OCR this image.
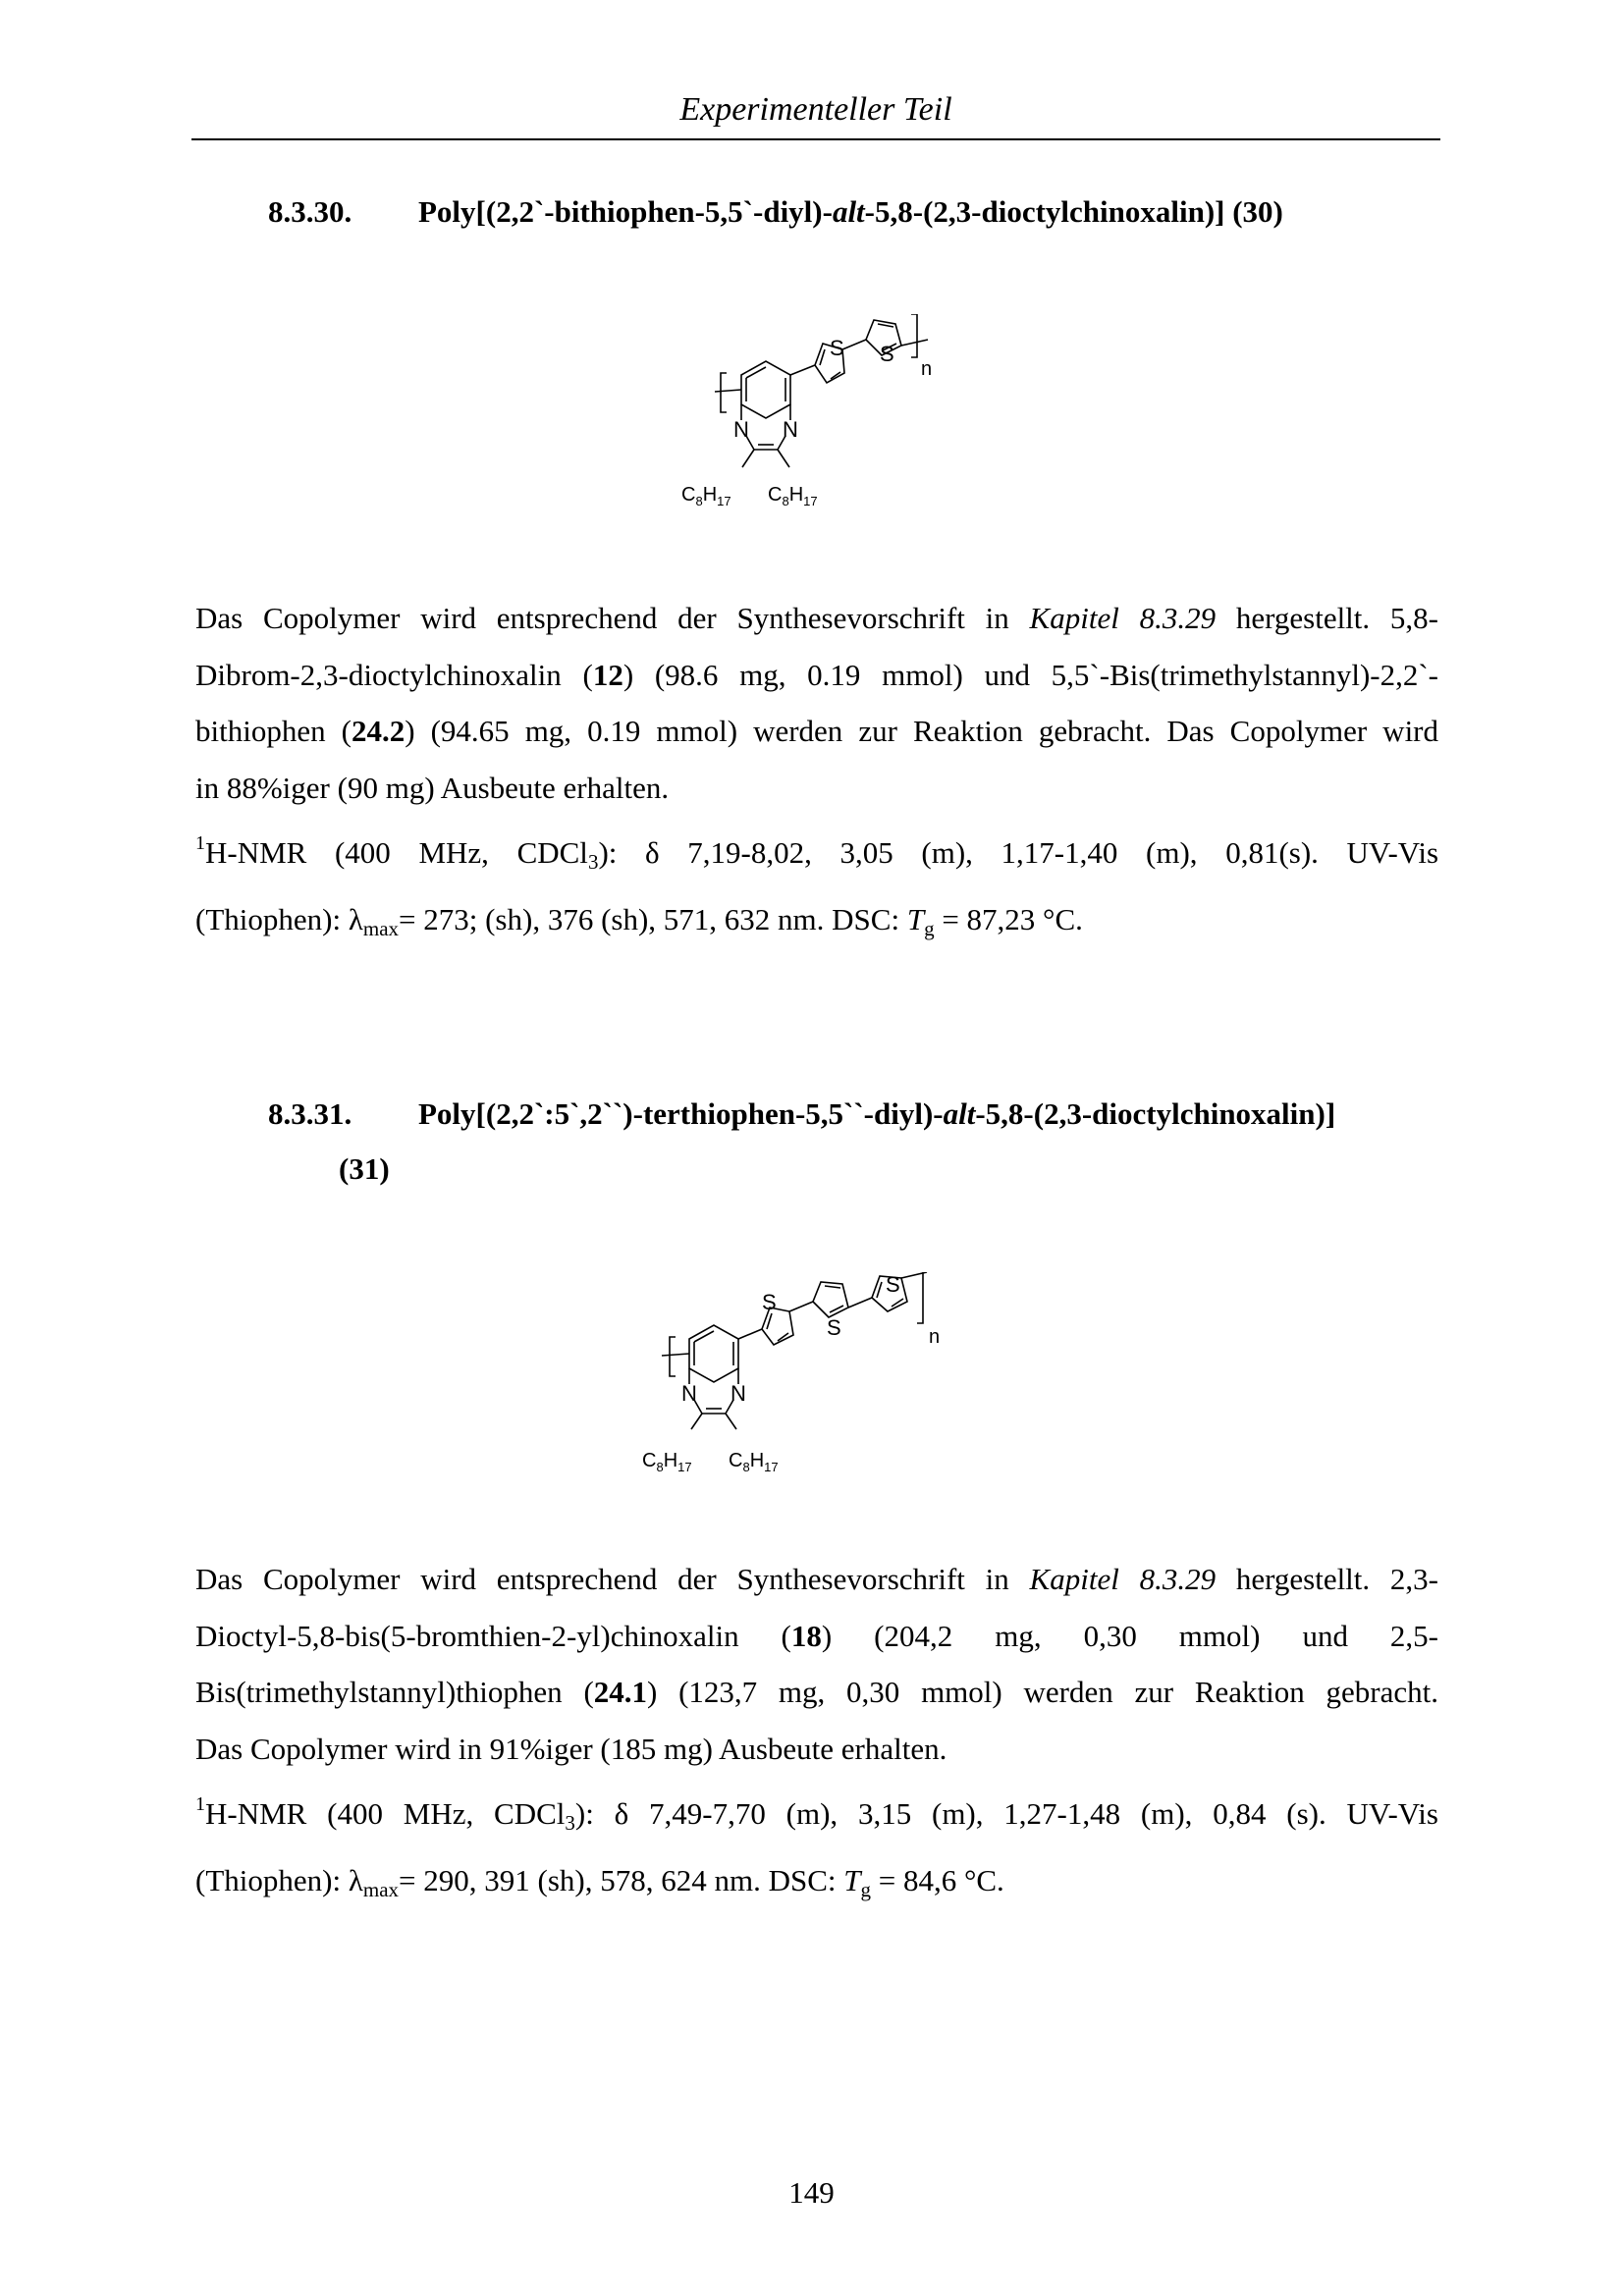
Experimenteller Teil
8.3.30. Poly[(2,2`-bithiophen-5,5`-diyl)-alt-5,8-(2,3-dioctylchinoxalin)] (30)
S S
N N
n
$C_8H_{17}$ $C_8H_{17}$
Das Copolymer wird entsprechend der Synthesevorschrift in Kapitel 8.3.29 hergestellt. 5,8-
Dibrom-2,3-dioctylchinoxalin (12) (98.6 mg, 0.19 mmol) und 5,5`-Bis(trimethylstannyl)-2,2`-
bithiophen (24.2) (94.65 mg, 0.19 mmol) werden zur Reaktion gebracht. Das Copolymer wird
in 88%iger (90 mg) Ausbeute erhalten.
$^1$H-NMR (400 MHz, CDCl$_3$): δ 7,19-8,02, 3,05 (m), 1,17-1,40 (m), 0,81(s). UV-Vis
(Thiophen): $\lambda_{max}= 273$; (sh), 376 (sh), 571, 632 nm. DSC: $T_g = 87,23$ °C.
8.3.31. Poly[(2,2`:5`,2``)-terthiophen-5,5``-diyl)-alt-5,8-(2,3-dioctylchinoxalin)]
(31)
S
S
S
N N
n
$C_8H_{17}$ $C_8H_{17}$
Das Copolymer wird entsprechend der Synthesevorschrift in Kapitel 8.3.29 hergestellt. 2,3-
Dioctyl-5,8-bis(5-bromthien-2-yl)chinoxalin (18) (204,2 mg, 0,30 mmol) und 2,5-
Bis(trimethylstannyl)thiophen (24.1) (123,7 mg, 0,30 mmol) werden zur Reaktion gebracht.
Das Copolymer wird in 91%iger (185 mg) Ausbeute erhalten.
$^1$H-NMR (400 MHz, CDCl$_3$): δ 7,49-7,70 (m), 3,15 (m), 1,27-1,48 (m), 0,84 (s). UV-Vis
(Thiophen): $\lambda_{max}= 290$, 391 (sh), 578, 624 nm. DSC: $T_g = 84,6$ °C.
149
